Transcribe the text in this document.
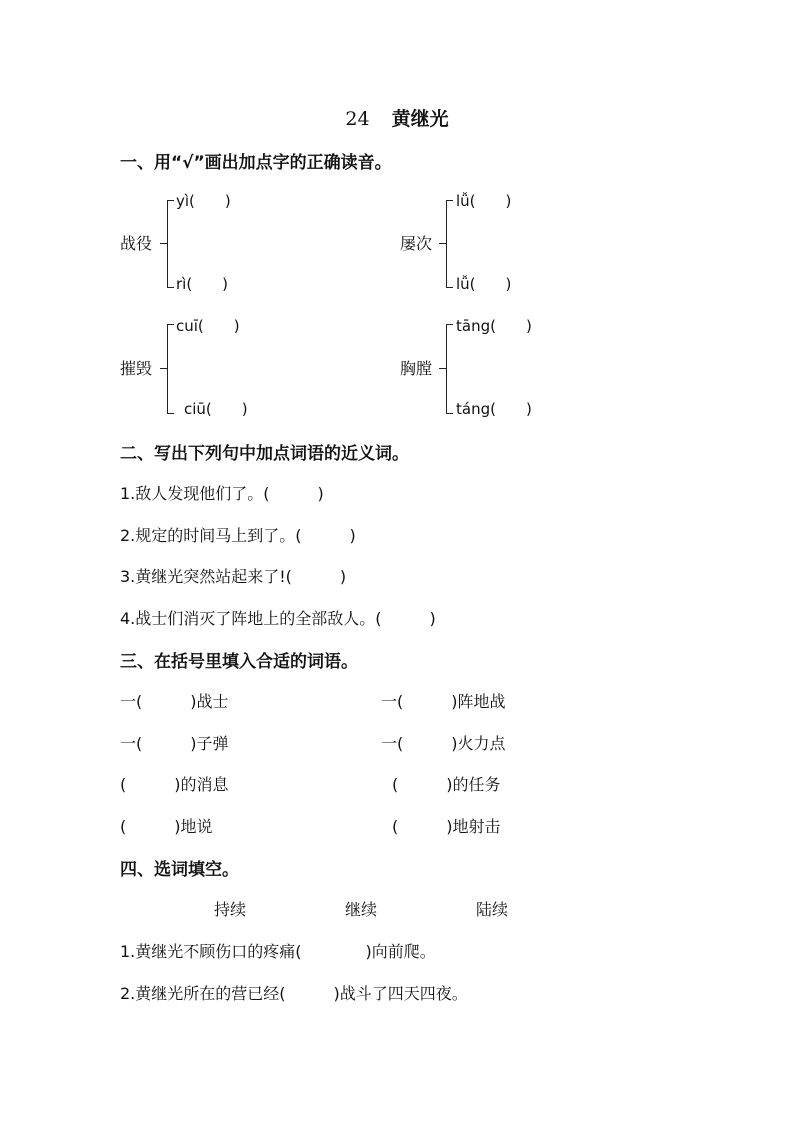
24 黄继光
一、用“√”画出加点字的正确读音。
战役
yì(　　)
rì(　　)
屡次
lǚ(　　)
lǚ(　　)
摧毁
cuī(　　)
ciū(　　)
胸膛
tāng(　　)
táng(　　)
二、写出下列句中加点词语的近义词。
1.敌人发现他们了。(　　　)
2.规定的时间马上到了。(　　　)
3.黄继光突然站起来了!(　　　)
4.战士们消灭了阵地上的全部敌人。(　　　)
三、在括号里填入合适的词语。
一(　　　)战士	一(　　　)阵地战
一(　　　)子弹	一(　　　)火力点
(　　　)的消息	(　　　)的任务
(　　　)地说	(　　　)地射击
四、选词填空。
持续	继续	陆续
1.黄继光不顾伤口的疼痛(　　　　)向前爬。
2.黄继光所在的营已经(　　　)战斗了四天四夜。
